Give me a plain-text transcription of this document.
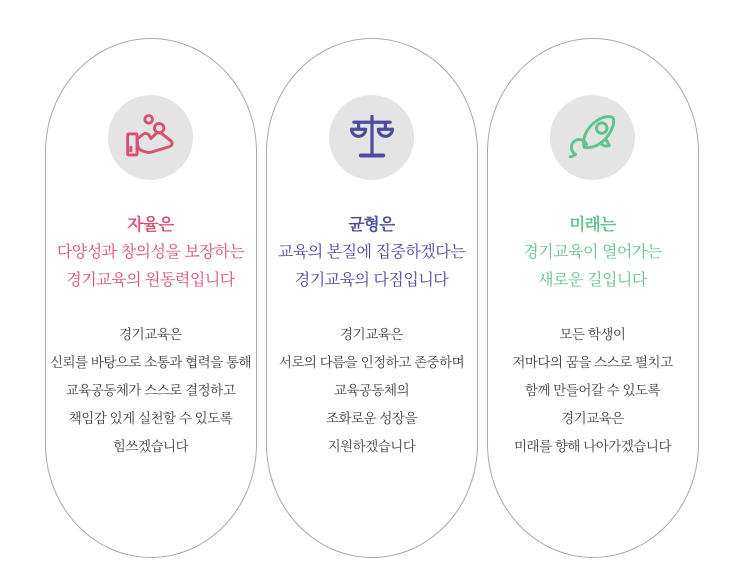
자율은
다양성과 창의성을 보장하는
경기교육의 원동력입니다
경기교육은
신뢰를 바탕으로 소통과 협력을 통해
교육공동체가 스스로 결정하고
책임감 있게 실천할 수 있도록
힘쓰겠습니다
균형은
교육의 본질에 집중하겠다는
경기교육의 다짐입니다
경기교육은
서로의 다름을 인정하고 존중하며
교육공동체의
조화로운 성장을
지원하겠습니다
미래는
경기교육이 열어가는
새로운 길입니다
모든 학생이
저마다의 꿈을 스스로 펼치고
함께 만들어갈 수 있도록
경기교육은
미래를 향해 나아가겠습니다
